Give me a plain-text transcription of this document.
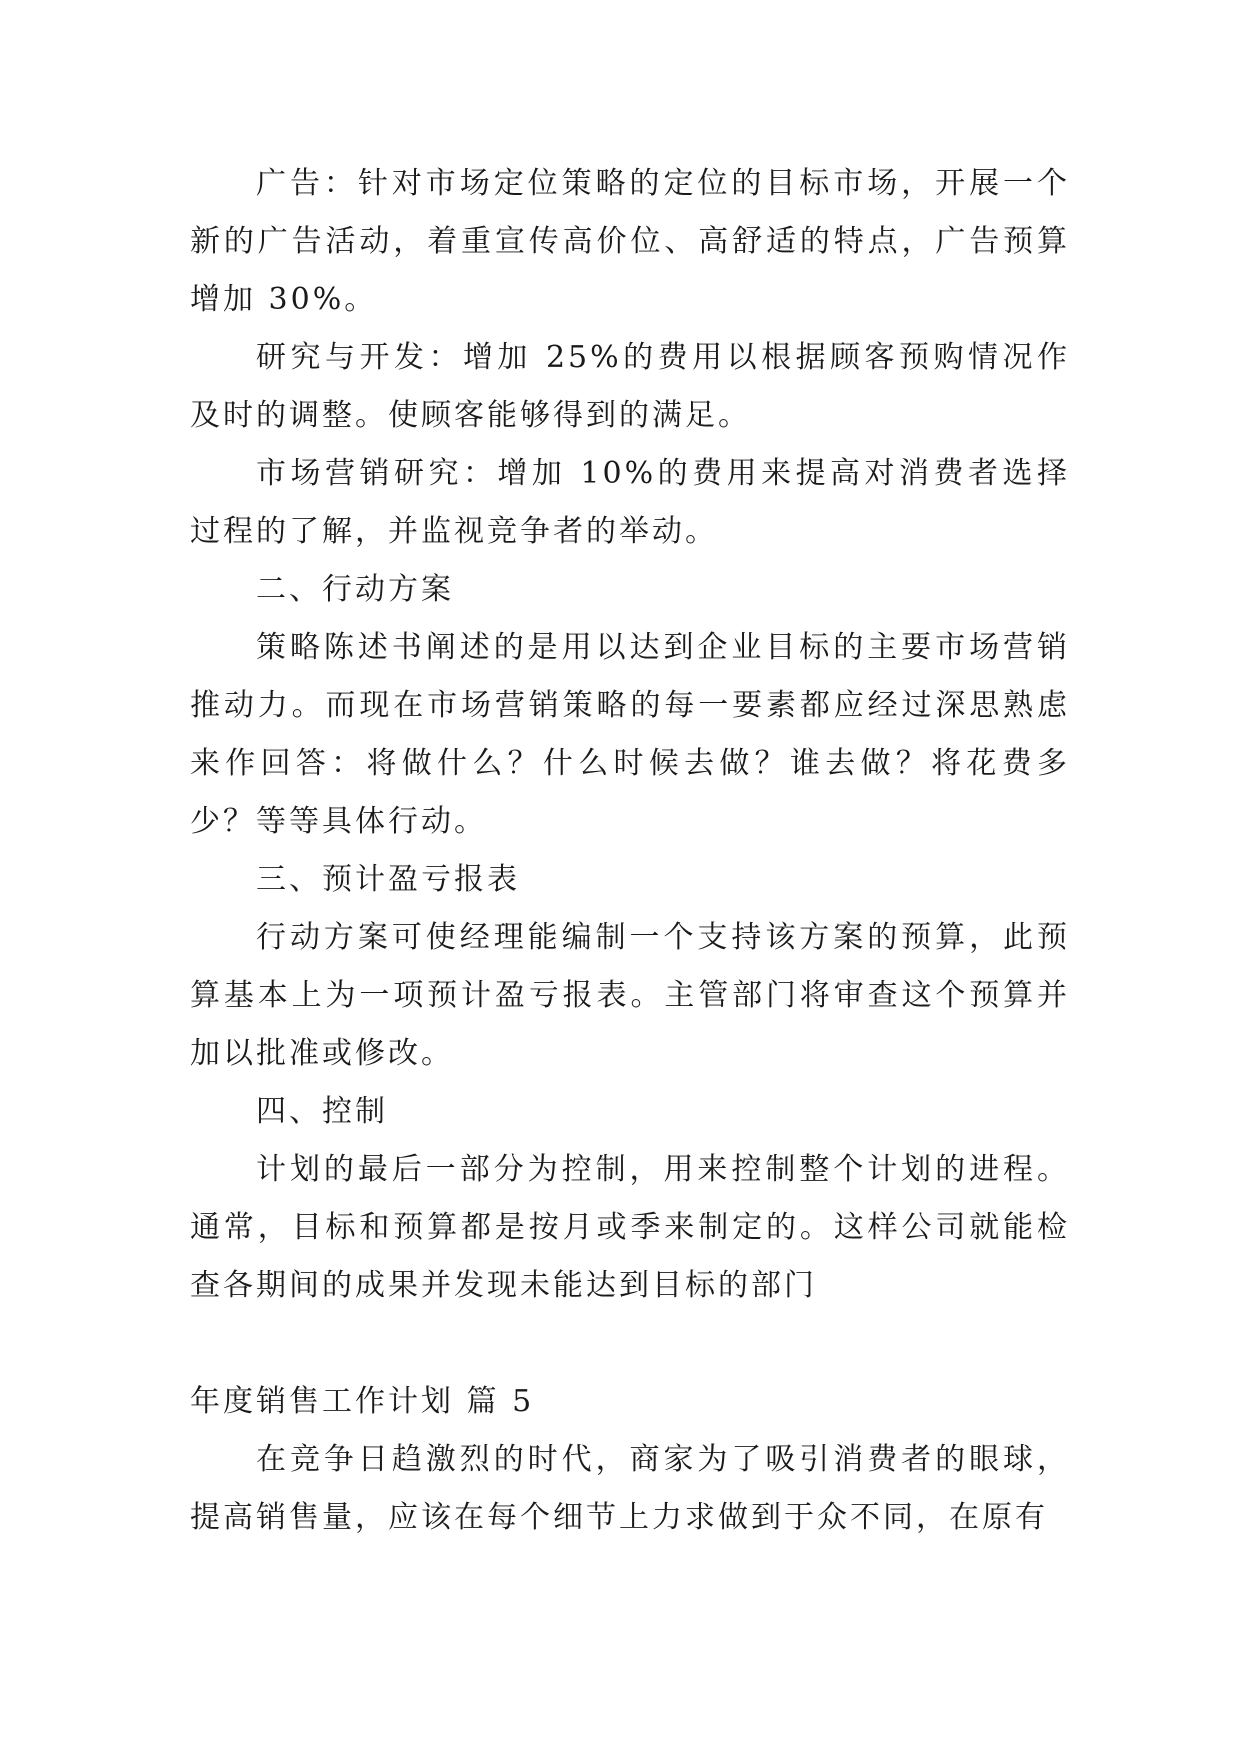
广告：针对市场定位策略的定位的目标市场，开展一个新的广告活动，着重宣传高价位、高舒适的特点，广告预算增加 30%。

研究与开发：增加 25%的费用以根据顾客预购情况作及时的调整。使顾客能够得到的满足。

市场营销研究：增加 10%的费用来提高对消费者选择过程的了解，并监视竞争者的举动。

二、行动方案

策略陈述书阐述的是用以达到企业目标的主要市场营销推动力。而现在市场营销策略的每一要素都应经过深思熟虑来作回答：将做什么？什么时候去做？谁去做？将花费多少？等等具体行动。

三、预计盈亏报表

行动方案可使经理能编制一个支持该方案的预算，此预算基本上为一项预计盈亏报表。主管部门将审查这个预算并加以批准或修改。

四、控制

计划的最后一部分为控制，用来控制整个计划的进程。通常，目标和预算都是按月或季来制定的。这样公司就能检查各期间的成果并发现未能达到目标的部门

年度销售工作计划 篇 5

在竞争日趋激烈的时代，商家为了吸引消费者的眼球，提高销售量，应该在每个细节上力求做到于众不同，在原有
